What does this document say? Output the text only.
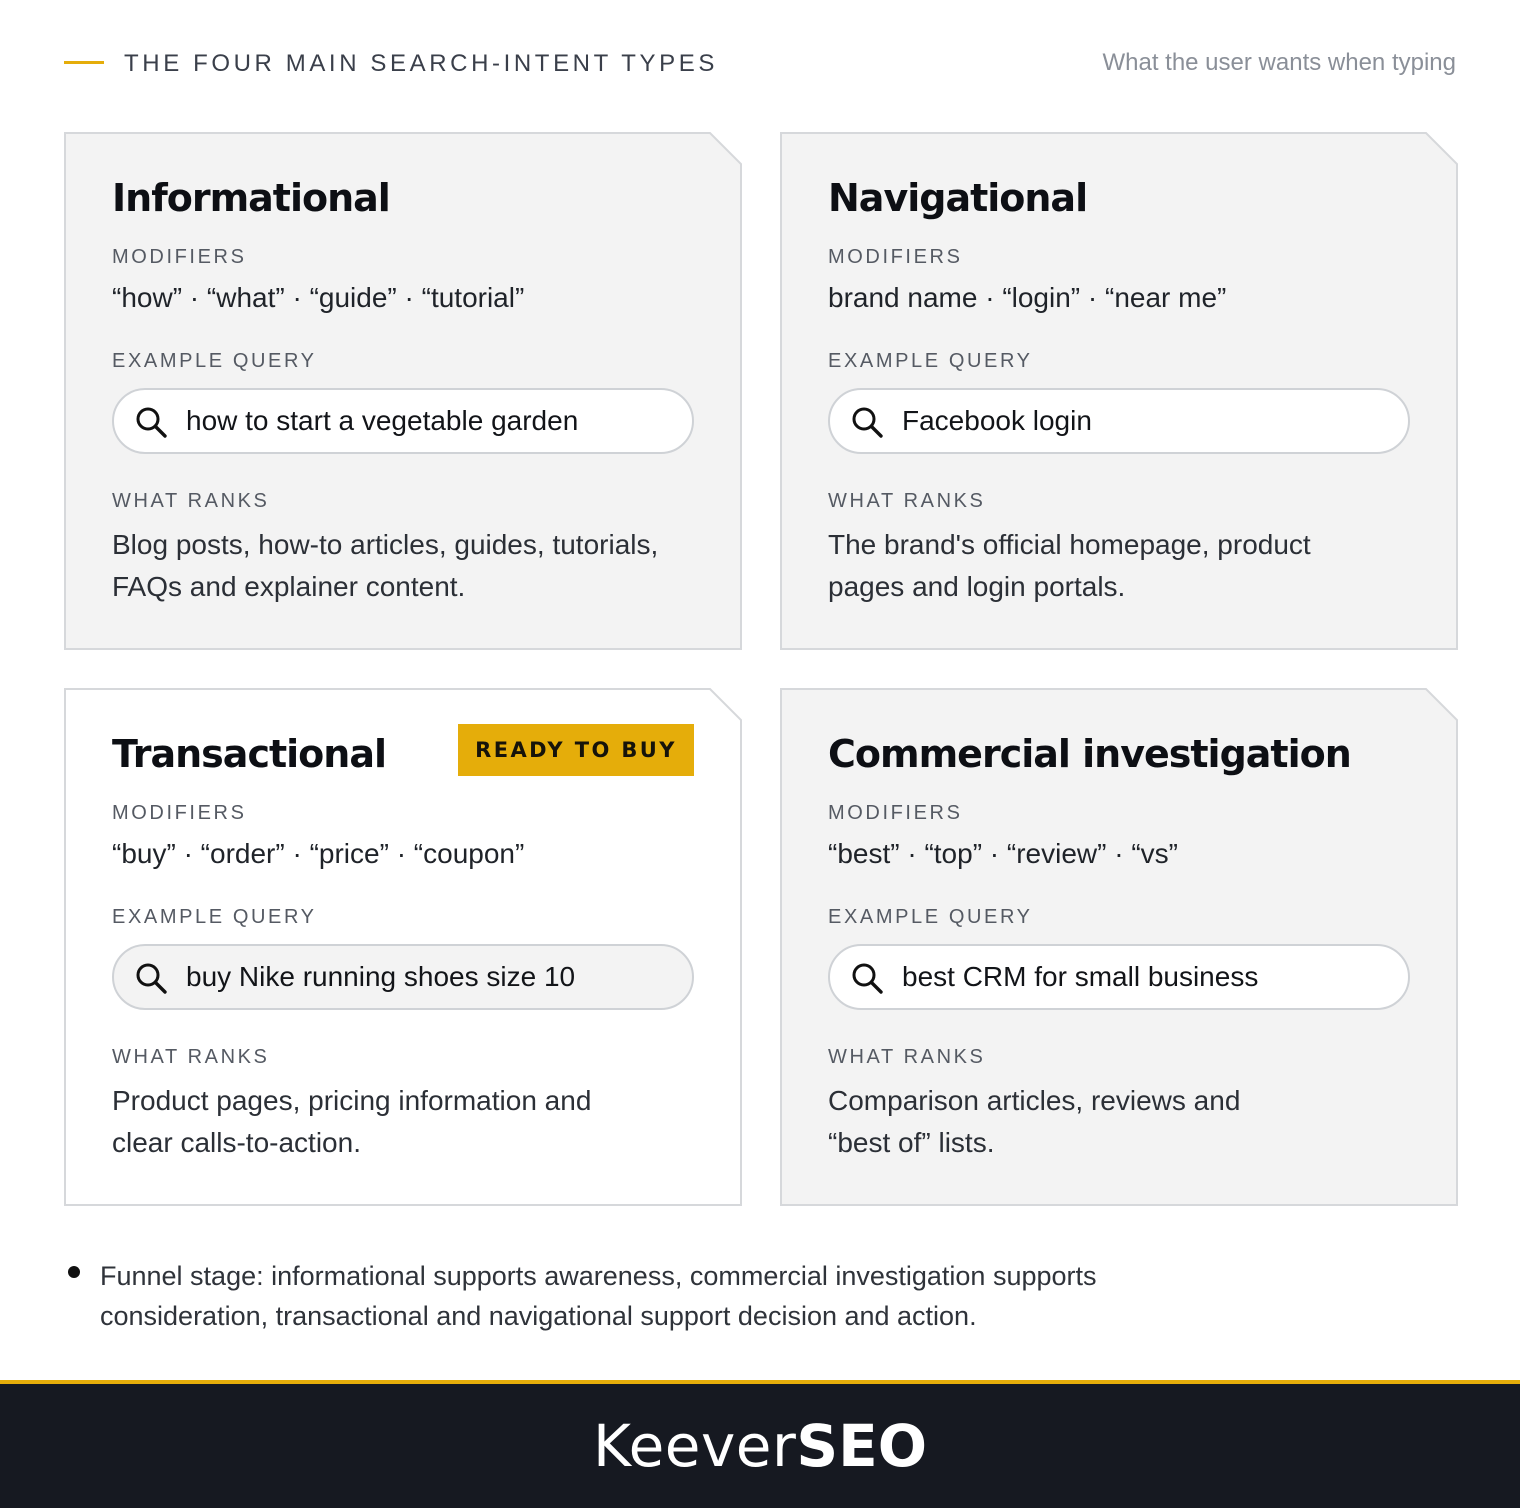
THE FOUR MAIN SEARCH-INTENT TYPES	What the user wants when typing
Informational
MODIFIERS
“how” · “what” · “guide” · “tutorial”
EXAMPLE QUERY
how to start a vegetable garden
WHAT RANKS
Blog posts, how-to articles, guides, tutorials, FAQs and explainer content.
Navigational
MODIFIERS
brand name · “login” · “near me”
EXAMPLE QUERY
Facebook login
WHAT RANKS
The brand's official homepage, product pages and login portals.
Transactional	READY TO BUY
MODIFIERS
“buy” · “order” · “price” · “coupon”
EXAMPLE QUERY
buy Nike running shoes size 10
WHAT RANKS
Product pages, pricing information and clear calls-to-action.
Commercial investigation
MODIFIERS
“best” · “top” · “review” · “vs”
EXAMPLE QUERY
best CRM for small business
WHAT RANKS
Comparison articles, reviews and “best of” lists.
Funnel stage: informational supports awareness, commercial investigation supports consideration, transactional and navigational support decision and action.
KeeverSEO
